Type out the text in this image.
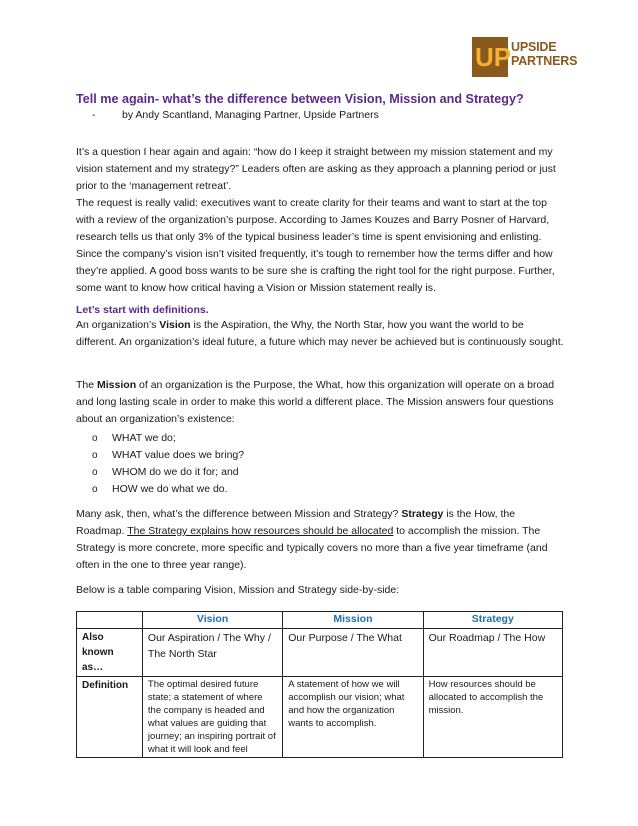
UP UPSIDE
PARTNERS
Tell me again- what’s the difference between Vision, Mission and Strategy?
-	by Andy Scantland, Managing Partner, Upside Partners
It’s a question I hear again and again: “how do I keep it straight between my mission statement and my vision statement and my strategy?” Leaders often are asking as they approach a planning period or just prior to the ‘management retreat’.
The request is really valid: executives want to create clarity for their teams and want to start at the top with a review of the organization’s purpose. According to James Kouzes and Barry Posner of Harvard, research tells us that only 3% of the typical business leader’s time is spent envisioning and enlisting.
Since the company’s vision isn’t visited frequently, it’s tough to remember how the terms differ and how they’re applied. A good boss wants to be sure she is crafting the right tool for the right purpose. Further, some want to know how critical having a Vision or Mission statement really is.
Let’s start with definitions.
An organization’s Vision is the Aspiration, the Why, the North Star, how you want the world to be different. An organization’s ideal future, a future which may never be achieved but is continuously sought.
The Mission of an organization is the Purpose, the What, how this organization will operate on a broad and long lasting scale in order to make this world a different place. The Mission answers four questions about an organization’s existence:
o WHAT we do;
o WHAT value does we bring?
o WHOM do we do it for; and
o HOW we do what we do.
Many ask, then, what’s the difference between Mission and Strategy? Strategy is the How, the Roadmap. The Strategy explains how resources should be allocated to accomplish the mission. The Strategy is more concrete, more specific and typically covers no more than a five year timeframe (and often in the one to three year range).
Below is a table comparing Vision, Mission and Strategy side-by-side:
	Vision	Mission	Strategy
Also known as…	Our Aspiration / The Why / The North Star	Our Purpose / The What	Our Roadmap / The How
Definition	The optimal desired future state; a statement of where the company is headed and what values are guiding that journey; an inspiring portrait of what it will look and feel	A statement of how we will accomplish our vision; what and how the organization wants to accomplish.	How resources should be allocated to accomplish the mission.
